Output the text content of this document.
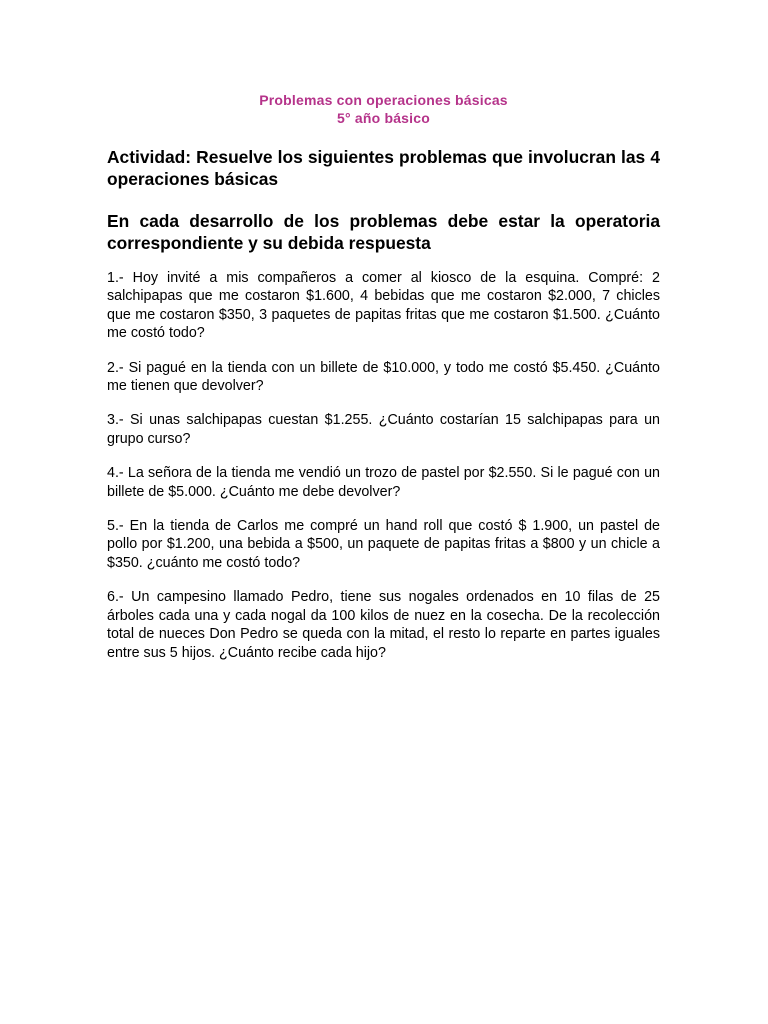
Problemas con operaciones básicas
5° año básico

Actividad: Resuelve los siguientes problemas que involucran las 4 operaciones básicas

En cada desarrollo de los problemas debe estar la operatoria correspondiente y su debida respuesta

1.- Hoy invité a mis compañeros a comer al kiosco de la esquina. Compré: 2 salchipapas que me costaron $1.600, 4 bebidas que me costaron $2.000, 7 chicles que me costaron $350, 3 paquetes de papitas fritas que me costaron $1.500. ¿Cuánto me costó todo?

2.- Si pagué en la tienda con un billete de $10.000, y todo me costó $5.450. ¿Cuánto me tienen que devolver?

3.- Si unas salchipapas cuestan $1.255. ¿Cuánto costarían 15 salchipapas para un grupo curso?

4.- La señora de la tienda me vendió un trozo de pastel por $2.550. Si le pagué con un billete de $5.000. ¿Cuánto me debe devolver?

5.- En la tienda de Carlos me compré un hand roll que costó $ 1.900, un pastel de pollo por $1.200, una bebida a $500, un paquete de papitas fritas a $800 y un chicle a $350. ¿cuánto me costó todo?

6.- Un campesino llamado Pedro, tiene sus nogales ordenados en 10 filas de 25 árboles cada una y cada nogal da 100 kilos de nuez en la cosecha. De la recolección total de nueces Don Pedro se queda con la mitad, el resto lo reparte en partes iguales entre sus 5 hijos. ¿Cuánto recibe cada hijo?
